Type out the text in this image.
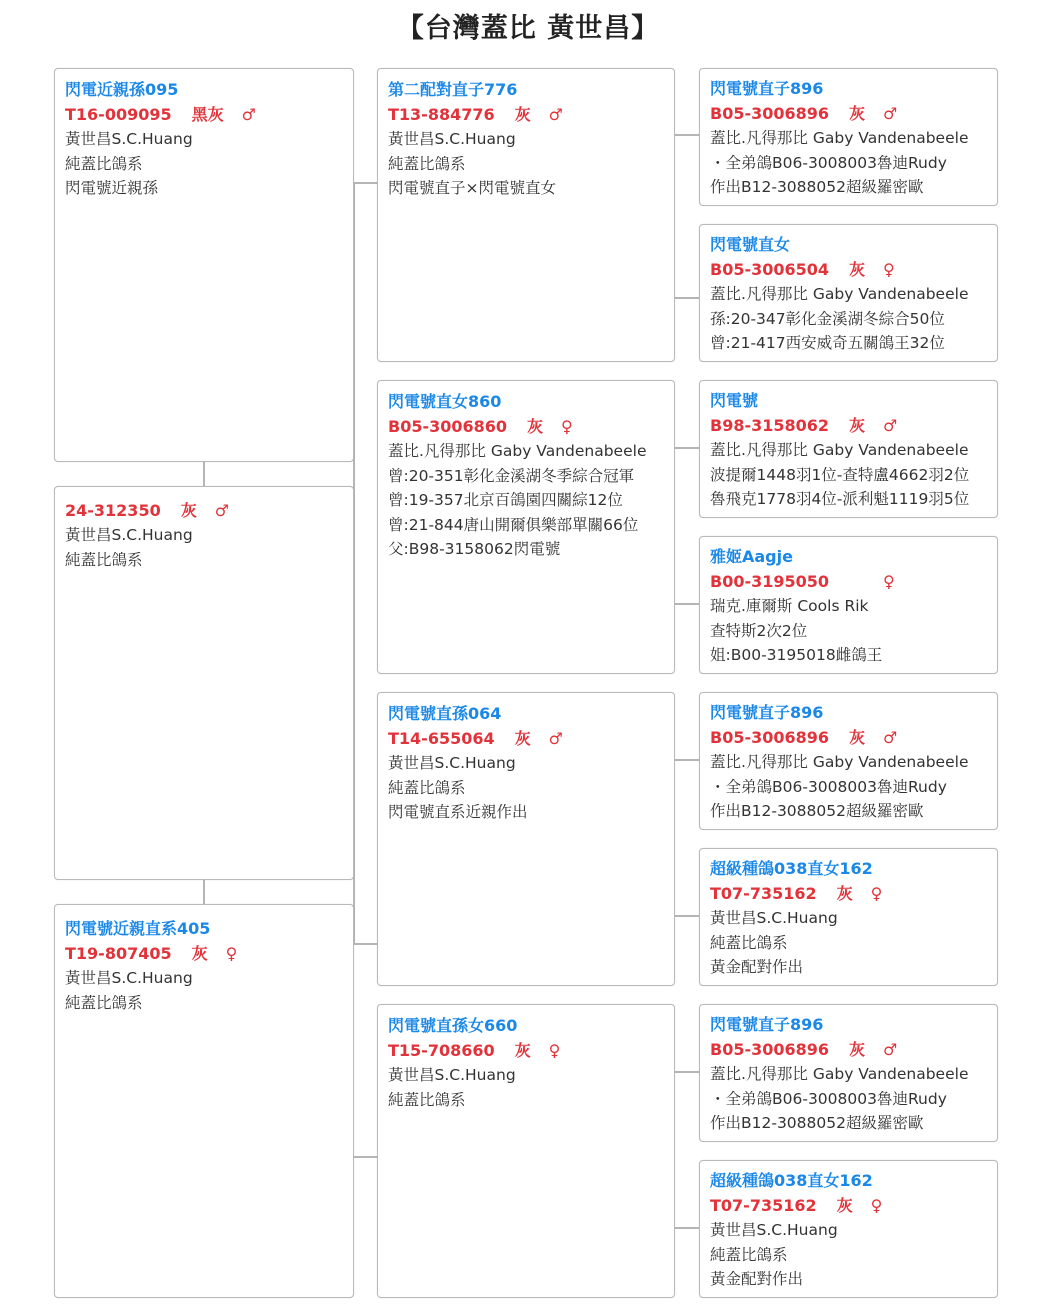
【台灣蓋比 黃世昌】
閃電近親孫095
T16-009095 黑灰 ♂
黃世昌S.C.Huang
純蓋比鴿系
閃電號近親孫
24-312350 灰 ♂
黃世昌S.C.Huang
純蓋比鴿系
閃電號近親直系405
T19-807405 灰 ♀
黃世昌S.C.Huang
純蓋比鴿系
第二配對直子776
T13-884776 灰 ♂
黃世昌S.C.Huang
純蓋比鴿系
閃電號直子×閃電號直女
閃電號直女860
B05-3006860 灰 ♀
蓋比.凡得那比 Gaby Vandenabeele
曾:20-351彰化金溪湖冬季綜合冠軍
曾:19-357北京百鴿園四關綜12位
曾:21-844唐山開爾俱樂部單關66位
父:B98-3158062閃電號
閃電號直孫064
T14-655064 灰 ♂
黃世昌S.C.Huang
純蓋比鴿系
閃電號直系近親作出
閃電號直孫女660
T15-708660 灰 ♀
黃世昌S.C.Huang
純蓋比鴿系
閃電號直子896
B05-3006896 灰 ♂
蓋比.凡得那比 Gaby Vandenabeele
・全弟鴿B06-3008003魯迪Rudy
作出B12-3088052超級羅密歐
閃電號直女
B05-3006504 灰 ♀
蓋比.凡得那比 Gaby Vandenabeele
孫:20-347彰化金溪湖冬綜合50位
曾:21-417西安威奇五關鴿王32位
閃電號
B98-3158062 灰 ♂
蓋比.凡得那比 Gaby Vandenabeele
波提爾1448羽1位-查特盧4662羽2位
魯飛克1778羽4位-派利魁1119羽5位
雅姬Aagje
B00-3195050	♀
瑞克.庫爾斯 Cools Rik
查特斯2次2位
姐:B00-3195018雌鴿王
閃電號直子896
B05-3006896 灰 ♂
蓋比.凡得那比 Gaby Vandenabeele
・全弟鴿B06-3008003魯迪Rudy
作出B12-3088052超級羅密歐
超級種鴿038直女162
T07-735162 灰 ♀
黃世昌S.C.Huang
純蓋比鴿系
黃金配對作出
閃電號直子896
B05-3006896 灰 ♂
蓋比.凡得那比 Gaby Vandenabeele
・全弟鴿B06-3008003魯迪Rudy
作出B12-3088052超級羅密歐
超級種鴿038直女162
T07-735162 灰 ♀
黃世昌S.C.Huang
純蓋比鴿系
黃金配對作出
